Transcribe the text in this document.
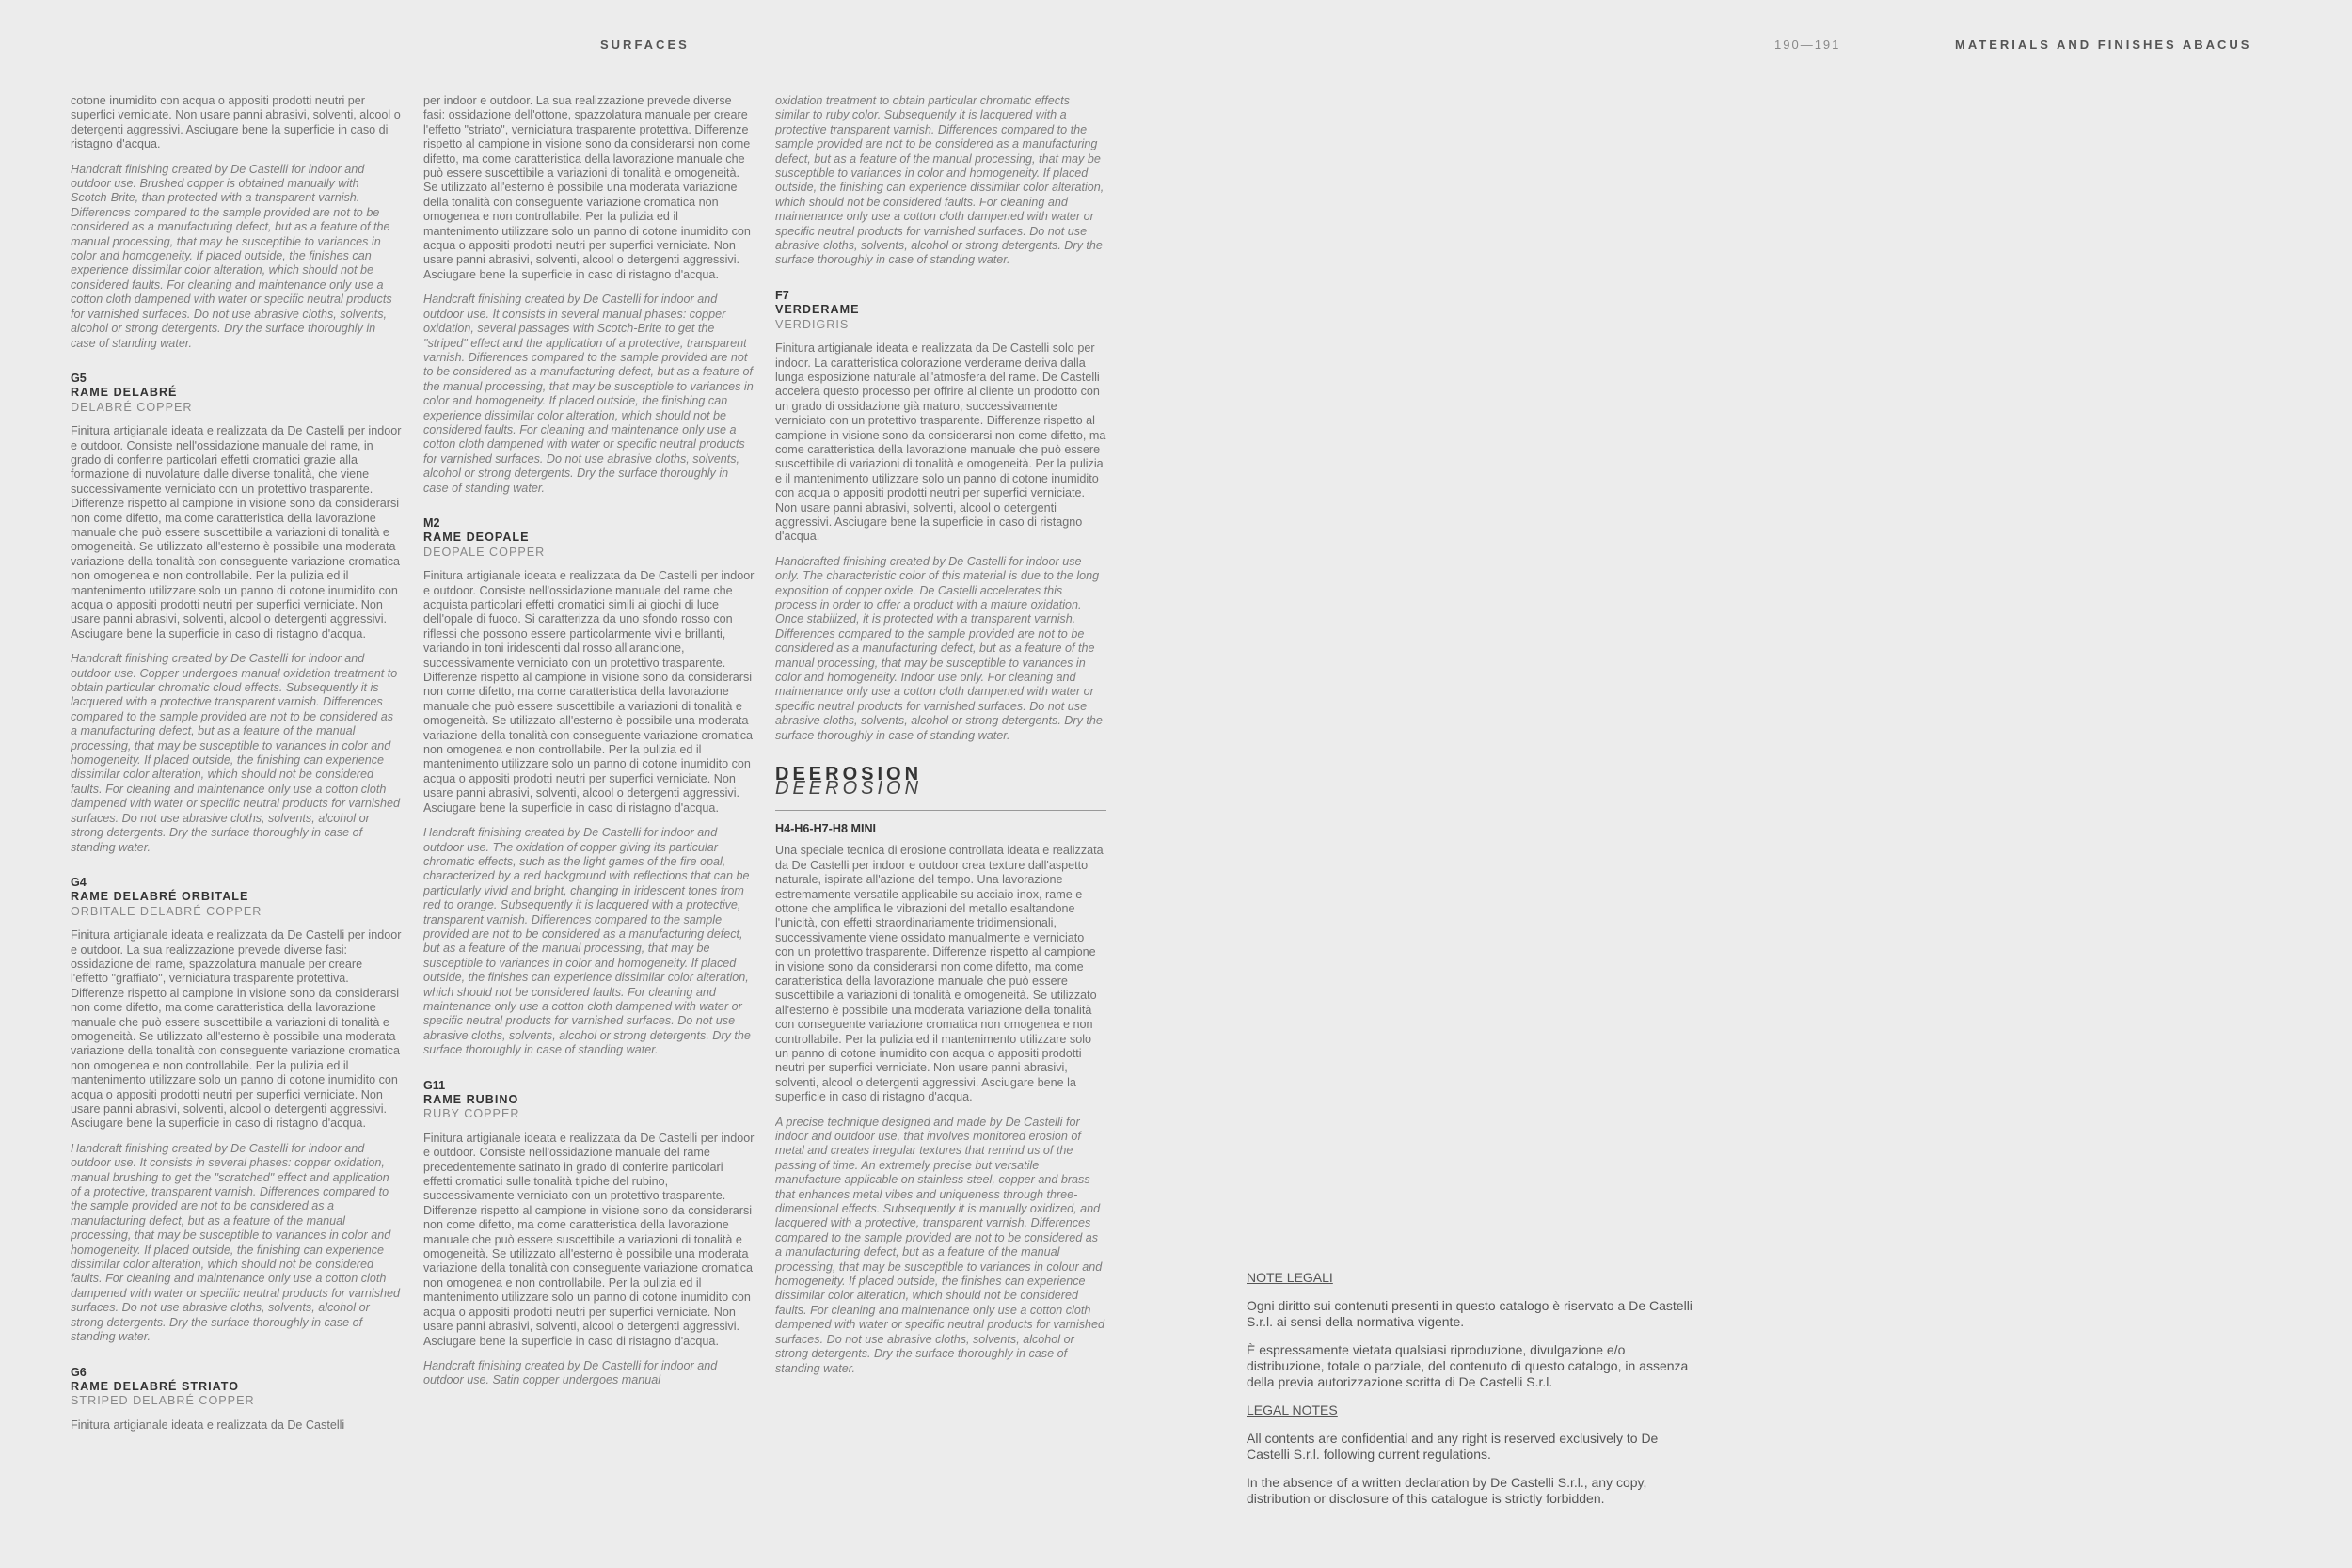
SURFACES	190—191	MATERIALS AND FINISHES ABACUS

cotone inumidito con acqua o appositi prodotti neutri per superfici verniciate. Non usare panni abrasivi, solventi, alcool o detergenti aggressivi. Asciugare bene la superficie in caso di ristagno d'acqua.

Handcraft finishing created by De Castelli for indoor and outdoor use. Brushed copper is obtained manually with Scotch-Brite, than protected with a transparent varnish. Differences compared to the sample provided are not to be considered as a manufacturing defect, but as a feature of the manual processing, that may be susceptible to variances in color and homogeneity. If placed outside, the finishes can experience dissimilar color alteration, which should not be considered faults. For cleaning and maintenance only use a cotton cloth dampened with water or specific neutral products for varnished surfaces. Do not use abrasive cloths, solvents, alcohol or strong detergents. Dry the surface thoroughly in case of standing water.

G5
RAME DELABRÉ
DELABRÉ COPPER

Finitura artigianale ideata e realizzata da De Castelli per indoor e outdoor. Consiste nell'ossidazione manuale del rame, in grado di conferire particolari effetti cromatici grazie alla formazione di nuvolature dalle diverse tonalità, che viene successivamente verniciato con un protettivo trasparente. Differenze rispetto al campione in visione sono da considerarsi non come difetto, ma come caratteristica della lavorazione manuale che può essere suscettibile a variazioni di tonalità e omogeneità. Se utilizzato all'esterno è possibile una moderata variazione della tonalità con conseguente variazione cromatica non omogenea e non controllabile. Per la pulizia ed il mantenimento utilizzare solo un panno di cotone inumidito con acqua o appositi prodotti neutri per superfici verniciate. Non usare panni abrasivi, solventi, alcool o detergenti aggressivi. Asciugare bene la superficie in caso di ristagno d'acqua.

Handcraft finishing created by De Castelli for indoor and outdoor use. Copper undergoes manual oxidation treatment to obtain particular chromatic cloud effects. Subsequently it is lacquered with a protective transparent varnish. Differences compared to the sample provided are not to be considered as a manufacturing defect, but as a feature of the manual processing, that may be susceptible to variances in color and homogeneity. If placed outside, the finishing can experience dissimilar color alteration, which should not be considered faults. For cleaning and maintenance only use a cotton cloth dampened with water or specific neutral products for varnished surfaces. Do not use abrasive cloths, solvents, alcohol or strong detergents. Dry the surface thoroughly in case of standing water.

G4
RAME DELABRÉ ORBITALE
ORBITALE DELABRÉ COPPER

Finitura artigianale ideata e realizzata da De Castelli per indoor e outdoor. La sua realizzazione prevede diverse fasi: ossidazione del rame, spazzolatura manuale per creare l'effetto "graffiato", verniciatura trasparente protettiva. Differenze rispetto al campione in visione sono da considerarsi non come difetto, ma come caratteristica della lavorazione manuale che può essere suscettibile a variazioni di tonalità e omogeneità. Se utilizzato all'esterno è possibile una moderata variazione della tonalità con conseguente variazione cromatica non omogenea e non controllabile. Per la pulizia ed il mantenimento utilizzare solo un panno di cotone inumidito con acqua o appositi prodotti neutri per superfici verniciate. Non usare panni abrasivi, solventi, alcool o detergenti aggressivi. Asciugare bene la superficie in caso di ristagno d'acqua.

Handcraft finishing created by De Castelli for indoor and outdoor use. It consists in several phases: copper oxidation, manual brushing to get the "scratched" effect and application of a protective, transparent varnish. Differences compared to the sample provided are not to be considered as a manufacturing defect, but as a feature of the manual processing, that may be susceptible to variances in color and homogeneity. If placed outside, the finishing can experience dissimilar color alteration, which should not be considered faults. For cleaning and maintenance only use a cotton cloth dampened with water or specific neutral products for varnished surfaces. Do not use abrasive cloths, solvents, alcohol or strong detergents. Dry the surface thoroughly in case of standing water.

G6
RAME DELABRÉ STRIATO
STRIPED DELABRÉ COPPER

Finitura artigianale ideata e realizzata da De Castelli

per indoor e outdoor. La sua realizzazione prevede diverse fasi: ossidazione dell'ottone, spazzolatura manuale per creare l'effetto "striato", verniciatura trasparente protettiva. Differenze rispetto al campione in visione sono da considerarsi non come difetto, ma come caratteristica della lavorazione manuale che può essere suscettibile a variazioni di tonalità e omogeneità. Se utilizzato all'esterno è possibile una moderata variazione della tonalità con conseguente variazione cromatica non omogenea e non controllabile. Per la pulizia ed il mantenimento utilizzare solo un panno di cotone inumidito con acqua o appositi prodotti neutri per superfici verniciate. Non usare panni abrasivi, solventi, alcool o detergenti aggressivi. Asciugare bene la superficie in caso di ristagno d'acqua.

Handcraft finishing created by De Castelli for indoor and outdoor use. It consists in several manual phases: copper oxidation, several passages with Scotch-Brite to get the "striped" effect and the application of a protective, transparent varnish. Differences compared to the sample provided are not to be considered as a manufacturing defect, but as a feature of the manual processing, that may be susceptible to variances in color and homogeneity. If placed outside, the finishing can experience dissimilar color alteration, which should not be considered faults. For cleaning and maintenance only use a cotton cloth dampened with water or specific neutral products for varnished surfaces. Do not use abrasive cloths, solvents, alcohol or strong detergents. Dry the surface thoroughly in case of standing water.

M2
RAME DEOPALE
DEOPALE COPPER

Finitura artigianale ideata e realizzata da De Castelli per indoor e outdoor. Consiste nell'ossidazione manuale del rame che acquista particolari effetti cromatici simili ai giochi di luce dell'opale di fuoco. Si caratterizza da uno sfondo rosso con riflessi che possono essere particolarmente vivi e brillanti, variando in toni iridescenti dal rosso all'arancione, successivamente verniciato con un protettivo trasparente. Differenze rispetto al campione in visione sono da considerarsi non come difetto, ma come caratteristica della lavorazione manuale che può essere suscettibile a variazioni di tonalità e omogeneità. Se utilizzato all'esterno è possibile una moderata variazione della tonalità con conseguente variazione cromatica non omogenea e non controllabile. Per la pulizia ed il mantenimento utilizzare solo un panno di cotone inumidito con acqua o appositi prodotti neutri per superfici verniciate. Non usare panni abrasivi, solventi, alcool o detergenti aggressivi. Asciugare bene la superficie in caso di ristagno d'acqua.

Handcraft finishing created by De Castelli for indoor and outdoor use. The oxidation of copper giving its particular chromatic effects, such as the light games of the fire opal, characterized by a red background with reflections that can be particularly vivid and bright, changing in iridescent tones from red to orange. Subsequently it is lacquered with a protective, transparent varnish. Differences compared to the sample provided are not to be considered as a manufacturing defect, but as a feature of the manual processing, that may be susceptible to variances in color and homogeneity. If placed outside, the finishes can experience dissimilar color alteration, which should not be considered faults. For cleaning and maintenance only use a cotton cloth dampened with water or specific neutral products for varnished surfaces. Do not use abrasive cloths, solvents, alcohol or strong detergents. Dry the surface thoroughly in case of standing water.

G11
RAME RUBINO
RUBY COPPER

Finitura artigianale ideata e realizzata da De Castelli per indoor e outdoor. Consiste nell'ossidazione manuale del rame precedentemente satinato in grado di conferire particolari effetti cromatici sulle tonalità tipiche del rubino, successivamente verniciato con un protettivo trasparente. Differenze rispetto al campione in visione sono da considerarsi non come difetto, ma come caratteristica della lavorazione manuale che può essere suscettibile a variazioni di tonalità e omogeneità. Se utilizzato all'esterno è possibile una moderata variazione della tonalità con conseguente variazione cromatica non omogenea e non controllabile. Per la pulizia ed il mantenimento utilizzare solo un panno di cotone inumidito con acqua o appositi prodotti neutri per superfici verniciate. Non usare panni abrasivi, solventi, alcool o detergenti aggressivi. Asciugare bene la superficie in caso di ristagno d'acqua.

Handcraft finishing created by De Castelli for indoor and outdoor use. Satin copper undergoes manual

oxidation treatment to obtain particular chromatic effects similar to ruby color. Subsequently it is lacquered with a protective transparent varnish. Differences compared to the sample provided are not to be considered as a manufacturing defect, but as a feature of the manual processing, that may be susceptible to variances in color and homogeneity. If placed outside, the finishing can experience dissimilar color alteration, which should not be considered faults. For cleaning and maintenance only use a cotton cloth dampened with water or specific neutral products for varnished surfaces. Do not use abrasive cloths, solvents, alcohol or strong detergents. Dry the surface thoroughly in case of standing water.

F7
VERDERAME
VERDIGRIS

Finitura artigianale ideata e realizzata da De Castelli solo per indoor. La caratteristica colorazione verderame deriva dalla lunga esposizione naturale all'atmosfera del rame. De Castelli accelera questo processo per offrire al cliente un prodotto con un grado di ossidazione già maturo, successivamente verniciato con un protettivo trasparente. Differenze rispetto al campione in visione sono da considerarsi non come difetto, ma come caratteristica della lavorazione manuale che può essere suscettibile di variazioni di tonalità e omogeneità. Per la pulizia e il mantenimento utilizzare solo un panno di cotone inumidito con acqua o appositi prodotti neutri per superfici verniciate. Non usare panni abrasivi, solventi, alcool o detergenti aggressivi. Asciugare bene la superficie in caso di ristagno d'acqua.

Handcrafted finishing created by De Castelli for indoor use only. The characteristic color of this material is due to the long exposition of copper oxide. De Castelli accelerates this process in order to offer a product with a mature oxidation. Once stabilized, it is protected with a transparent varnish. Differences compared to the sample provided are not to be considered as a manufacturing defect, but as a feature of the manual processing, that may be susceptible to variances in color and homogeneity. Indoor use only. For cleaning and maintenance only use a cotton cloth dampened with water or specific neutral products for varnished surfaces. Do not use abrasive cloths, solvents, alcohol or strong detergents. Dry the surface thoroughly in case of standing water.

DEEROSION
DEEROSION
H4-H6-H7-H8 MINI

Una speciale tecnica di erosione controllata ideata e realizzata da De Castelli per indoor e outdoor crea texture dall'aspetto naturale, ispirate all'azione del tempo. Una lavorazione estremamente versatile applicabile su acciaio inox, rame e ottone che amplifica le vibrazioni del metallo esaltandone l'unicità, con effetti straordinariamente tridimensionali, successivamente viene ossidato manualmente e verniciato con un protettivo trasparente. Differenze rispetto al campione in visione sono da considerarsi non come difetto, ma come caratteristica della lavorazione manuale che può essere suscettibile a variazioni di tonalità e omogeneità. Se utilizzato all'esterno è possibile una moderata variazione della tonalità con conseguente variazione cromatica non omogenea e non controllabile. Per la pulizia ed il mantenimento utilizzare solo un panno di cotone inumidito con acqua o appositi prodotti neutri per superfici verniciate. Non usare panni abrasivi, solventi, alcool o detergenti aggressivi. Asciugare bene la superficie in caso di ristagno d'acqua.

A precise technique designed and made by De Castelli for indoor and outdoor use, that involves monitored erosion of metal and creates irregular textures that remind us of the passing of time. An extremely precise but versatile manufacture applicable on stainless steel, copper and brass that enhances metal vibes and uniqueness through three-dimensional effects. Subsequently it is manually oxidized, and lacquered with a protective, transparent varnish. Differences compared to the sample provided are not to be considered as a manufacturing defect, but as a feature of the manual processing, that may be susceptible to variances in colour and homogeneity. If placed outside, the finishes can experience dissimilar color alteration, which should not be considered faults. For cleaning and maintenance only use a cotton cloth dampened with water or specific neutral products for varnished surfaces. Do not use abrasive cloths, solvents, alcohol or strong detergents. Dry the surface thoroughly in case of standing water.

NOTE LEGALI

Ogni diritto sui contenuti presenti in questo catalogo è riservato a De Castelli S.r.l. ai sensi della normativa vigente.

È espressamente vietata qualsiasi riproduzione, divulgazione e/o distribuzione, totale o parziale, del contenuto di questo catalogo, in assenza della previa autorizzazione scritta di De Castelli S.r.l.

LEGAL NOTES

All contents are confidential and any right is reserved exclusively to De Castelli S.r.l. following current regulations.

In the absence of a written declaration by De Castelli S.r.l., any copy, distribution or disclosure of this catalogue is strictly forbidden.
